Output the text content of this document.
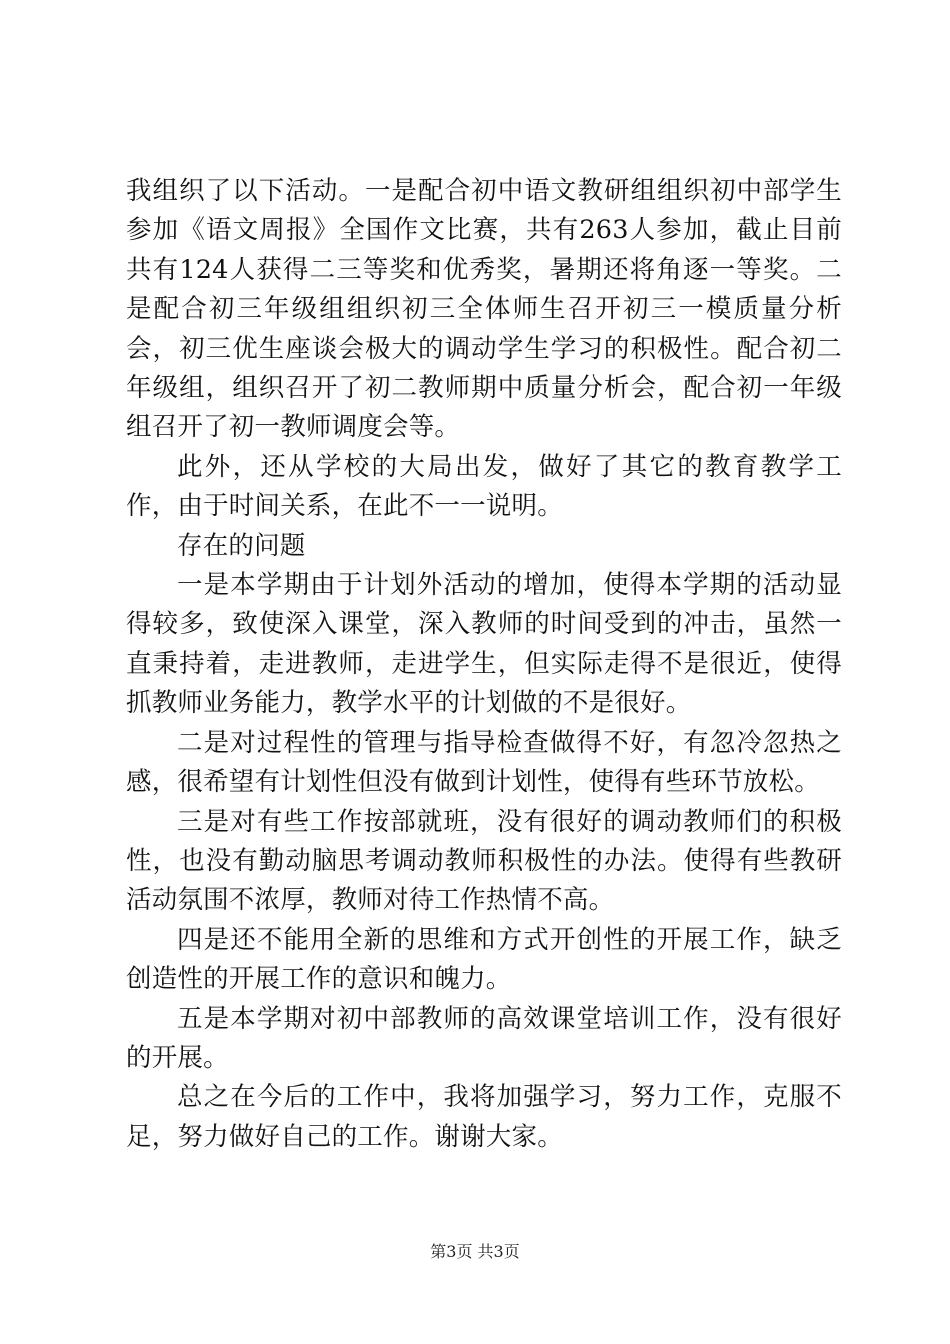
我组织了以下活动。一是配合初中语文教研组组织初中部学生参加《语文周报》全国作文比赛，共有263人参加，截止目前共有124人获得二三等奖和优秀奖，暑期还将角逐一等奖。二是配合初三年级组组织初三全体师生召开初三一模质量分析会，初三优生座谈会极大的调动学生学习的积极性。配合初二年级组，组织召开了初二教师期中质量分析会，配合初一年级组召开了初一教师调度会等。

此外，还从学校的大局出发，做好了其它的教育教学工作，由于时间关系，在此不一一说明。

存在的问题

一是本学期由于计划外活动的增加，使得本学期的活动显得较多，致使深入课堂，深入教师的时间受到的冲击，虽然一直秉持着，走进教师，走进学生，但实际走得不是很近，使得抓教师业务能力，教学水平的计划做的不是很好。

二是对过程性的管理与指导检查做得不好，有忽冷忽热之感，很希望有计划性但没有做到计划性，使得有些环节放松。

三是对有些工作按部就班，没有很好的调动教师们的积极性，也没有勤动脑思考调动教师积极性的办法。使得有些教研活动氛围不浓厚，教师对待工作热情不高。

四是还不能用全新的思维和方式开创性的开展工作，缺乏创造性的开展工作的意识和魄力。

五是本学期对初中部教师的高效课堂培训工作，没有很好的开展。

总之在今后的工作中，我将加强学习，努力工作，克服不足，努力做好自己的工作。谢谢大家。

第3页 共3页
